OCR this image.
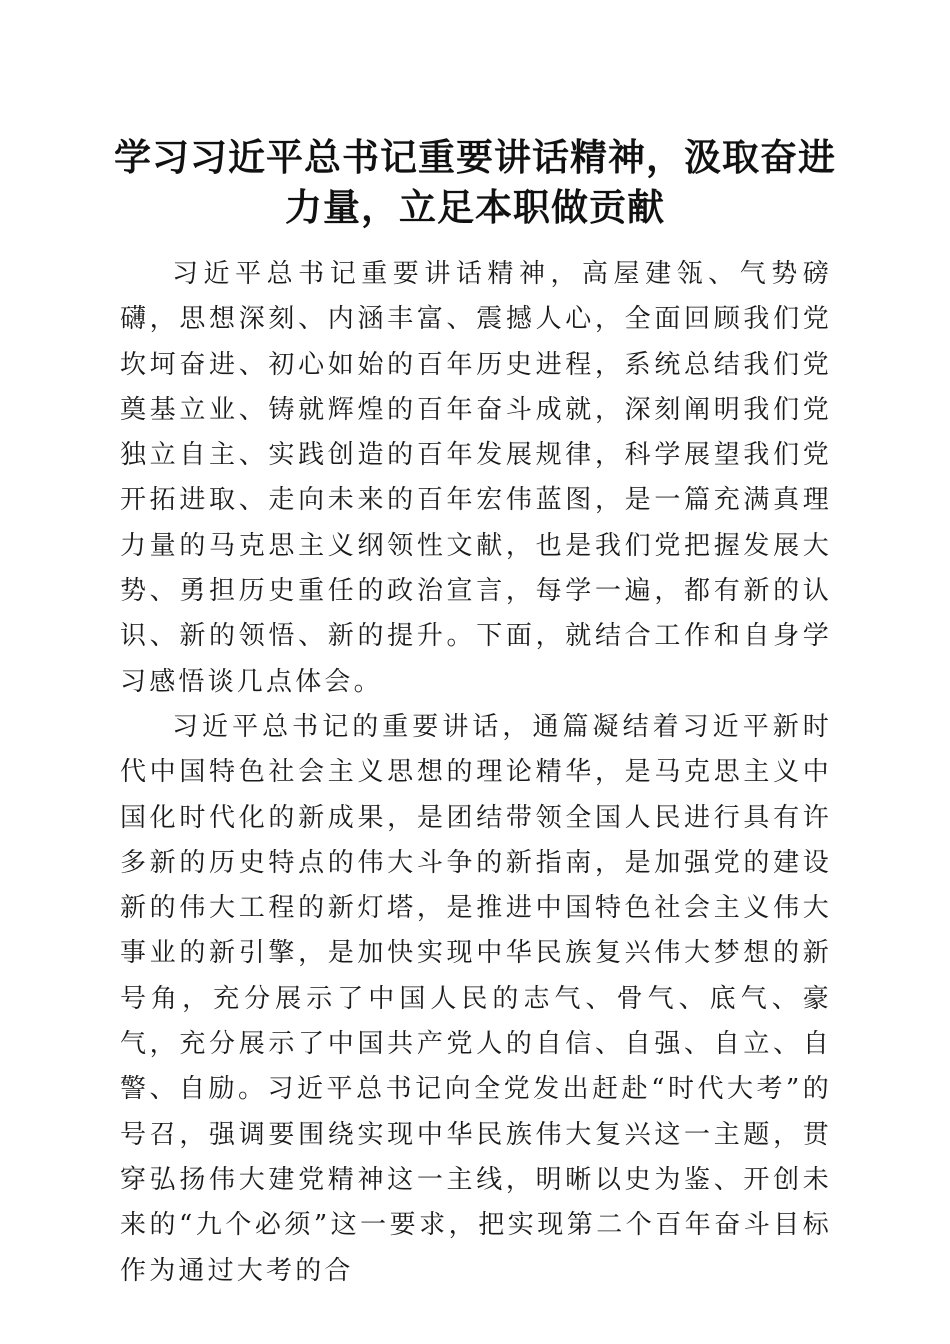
学习习近平总书记重要讲话精神，汲取奋进力量，立足本职做贡献

习近平总书记重要讲话精神，高屋建瓴、气势磅礴，思想深刻、内涵丰富、震撼人心，全面回顾我们党坎坷奋进、初心如始的百年历史进程，系统总结我们党奠基立业、铸就辉煌的百年奋斗成就，深刻阐明我们党独立自主、实践创造的百年发展规律，科学展望我们党开拓进取、走向未来的百年宏伟蓝图，是一篇充满真理力量的马克思主义纲领性文献，也是我们党把握发展大势、勇担历史重任的政治宣言，每学一遍，都有新的认识、新的领悟、新的提升。下面，就结合工作和自身学习感悟谈几点体会。

习近平总书记的重要讲话，通篇凝结着习近平新时代中国特色社会主义思想的理论精华，是马克思主义中国化时代化的新成果，是团结带领全国人民进行具有许多新的历史特点的伟大斗争的新指南，是加强党的建设新的伟大工程的新灯塔，是推进中国特色社会主义伟大事业的新引擎，是加快实现中华民族复兴伟大梦想的新号角，充分展示了中国人民的志气、骨气、底气、豪气，充分展示了中国共产党人的自信、自强、自立、自警、自励。习近平总书记向全党发出赶赴“时代大考”的号召，强调要围绕实现中华民族伟大复兴这一主题，贯穿弘扬伟大建党精神这一主线，明晰以史为鉴、开创未来的“九个必须”这一要求，把实现第二个百年奋斗目标作为通过大考的合
